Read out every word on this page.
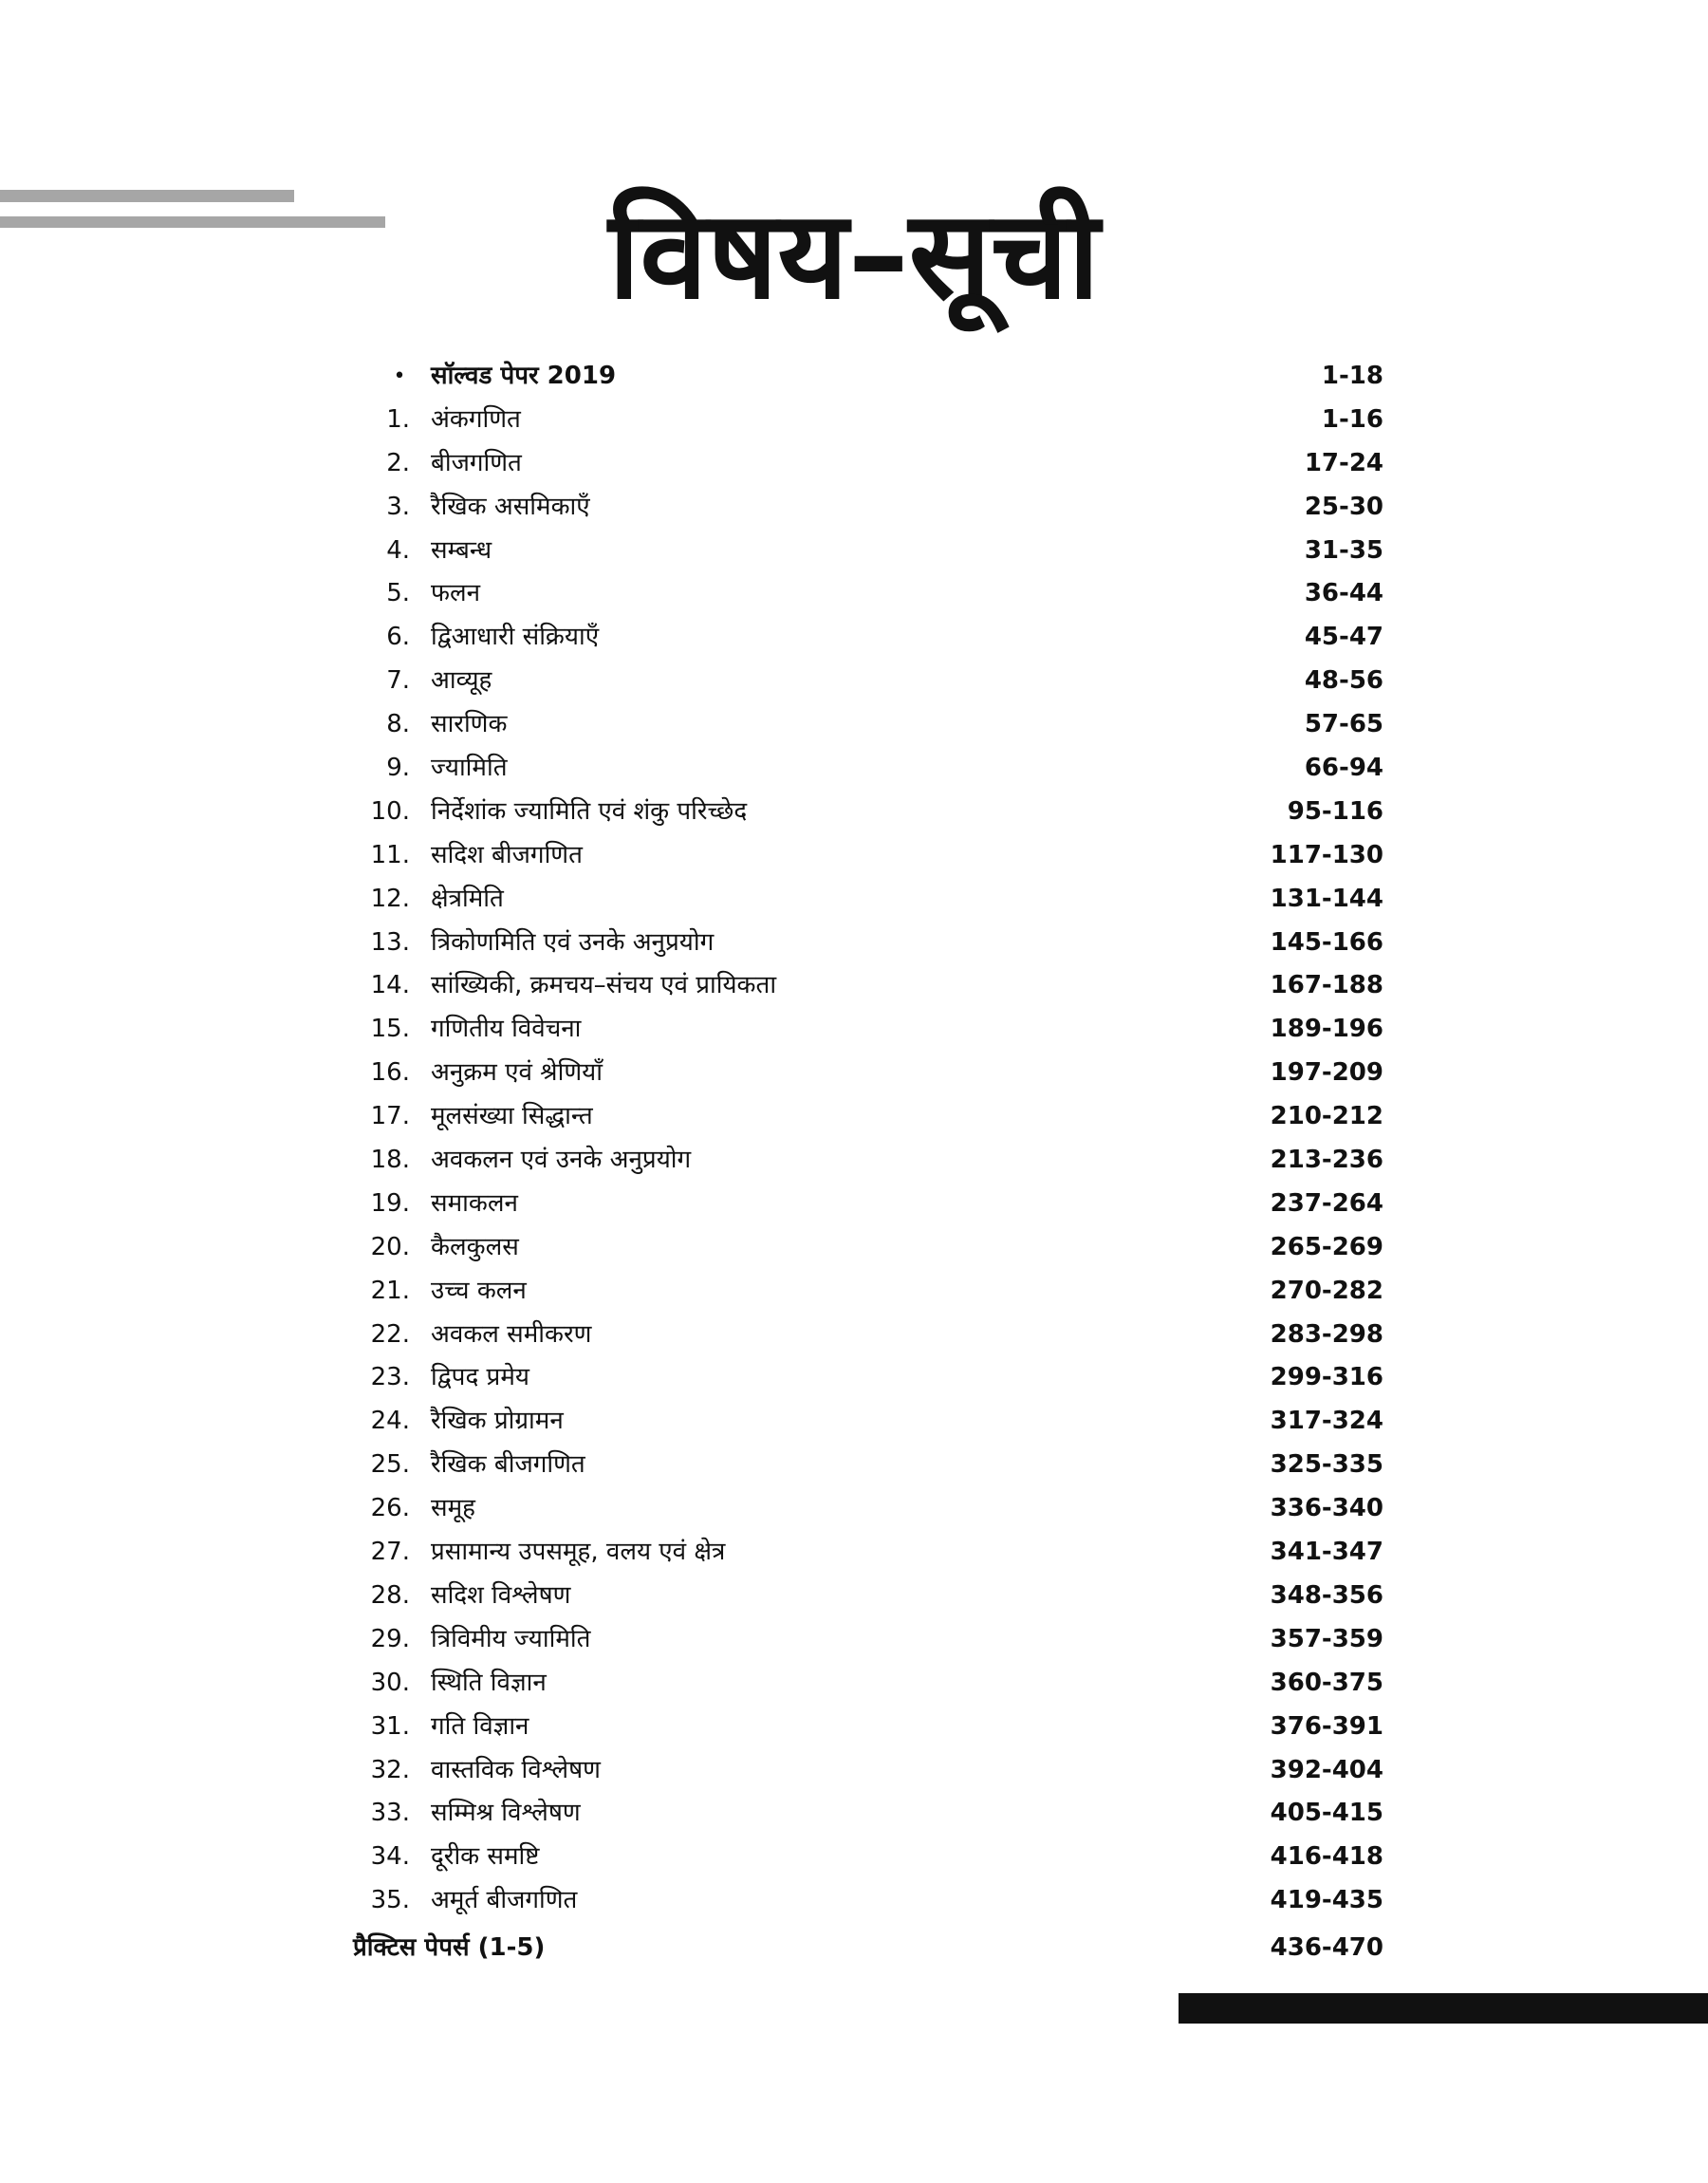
विषय–सूची
• सॉल्वड पेपर 2019	1-18
1. अंकगणित	1-16
2. बीजगणित	17-24
3. रैखिक असमिकाएँ	25-30
4. सम्बन्ध	31-35
5. फलन	36-44
6. द्विआधारी संक्रियाएँ	45-47
7. आव्यूह	48-56
8. सारणिक	57-65
9. ज्यामिति	66-94
10. निर्देशांक ज्यामिति एवं शंकु परिच्छेद	95-116
11. सदिश बीजगणित	117-130
12. क्षेत्रमिति	131-144
13. त्रिकोणमिति एवं उनके अनुप्रयोग	145-166
14. सांख्यिकी, क्रमचय–संचय एवं प्रायिकता	167-188
15. गणितीय विवेचना	189-196
16. अनुक्रम एवं श्रेणियाँ	197-209
17. मूलसंख्या सिद्धान्त	210-212
18. अवकलन एवं उनके अनुप्रयोग	213-236
19. समाकलन	237-264
20. कैलकुलस	265-269
21. उच्च कलन	270-282
22. अवकल समीकरण	283-298
23. द्विपद प्रमेय	299-316
24. रैखिक प्रोग्रामन	317-324
25. रैखिक बीजगणित	325-335
26. समूह	336-340
27. प्रसामान्य उपसमूह, वलय एवं क्षेत्र	341-347
28. सदिश विश्लेषण	348-356
29. त्रिविमीय ज्यामिति	357-359
30. स्थिति विज्ञान	360-375
31. गति विज्ञान	376-391
32. वास्तविक विश्लेषण	392-404
33. सम्मिश्र विश्लेषण	405-415
34. दूरीक समष्टि	416-418
35. अमूर्त बीजगणित	419-435
प्रैक्टिस पेपर्स (1-5)	436-470
